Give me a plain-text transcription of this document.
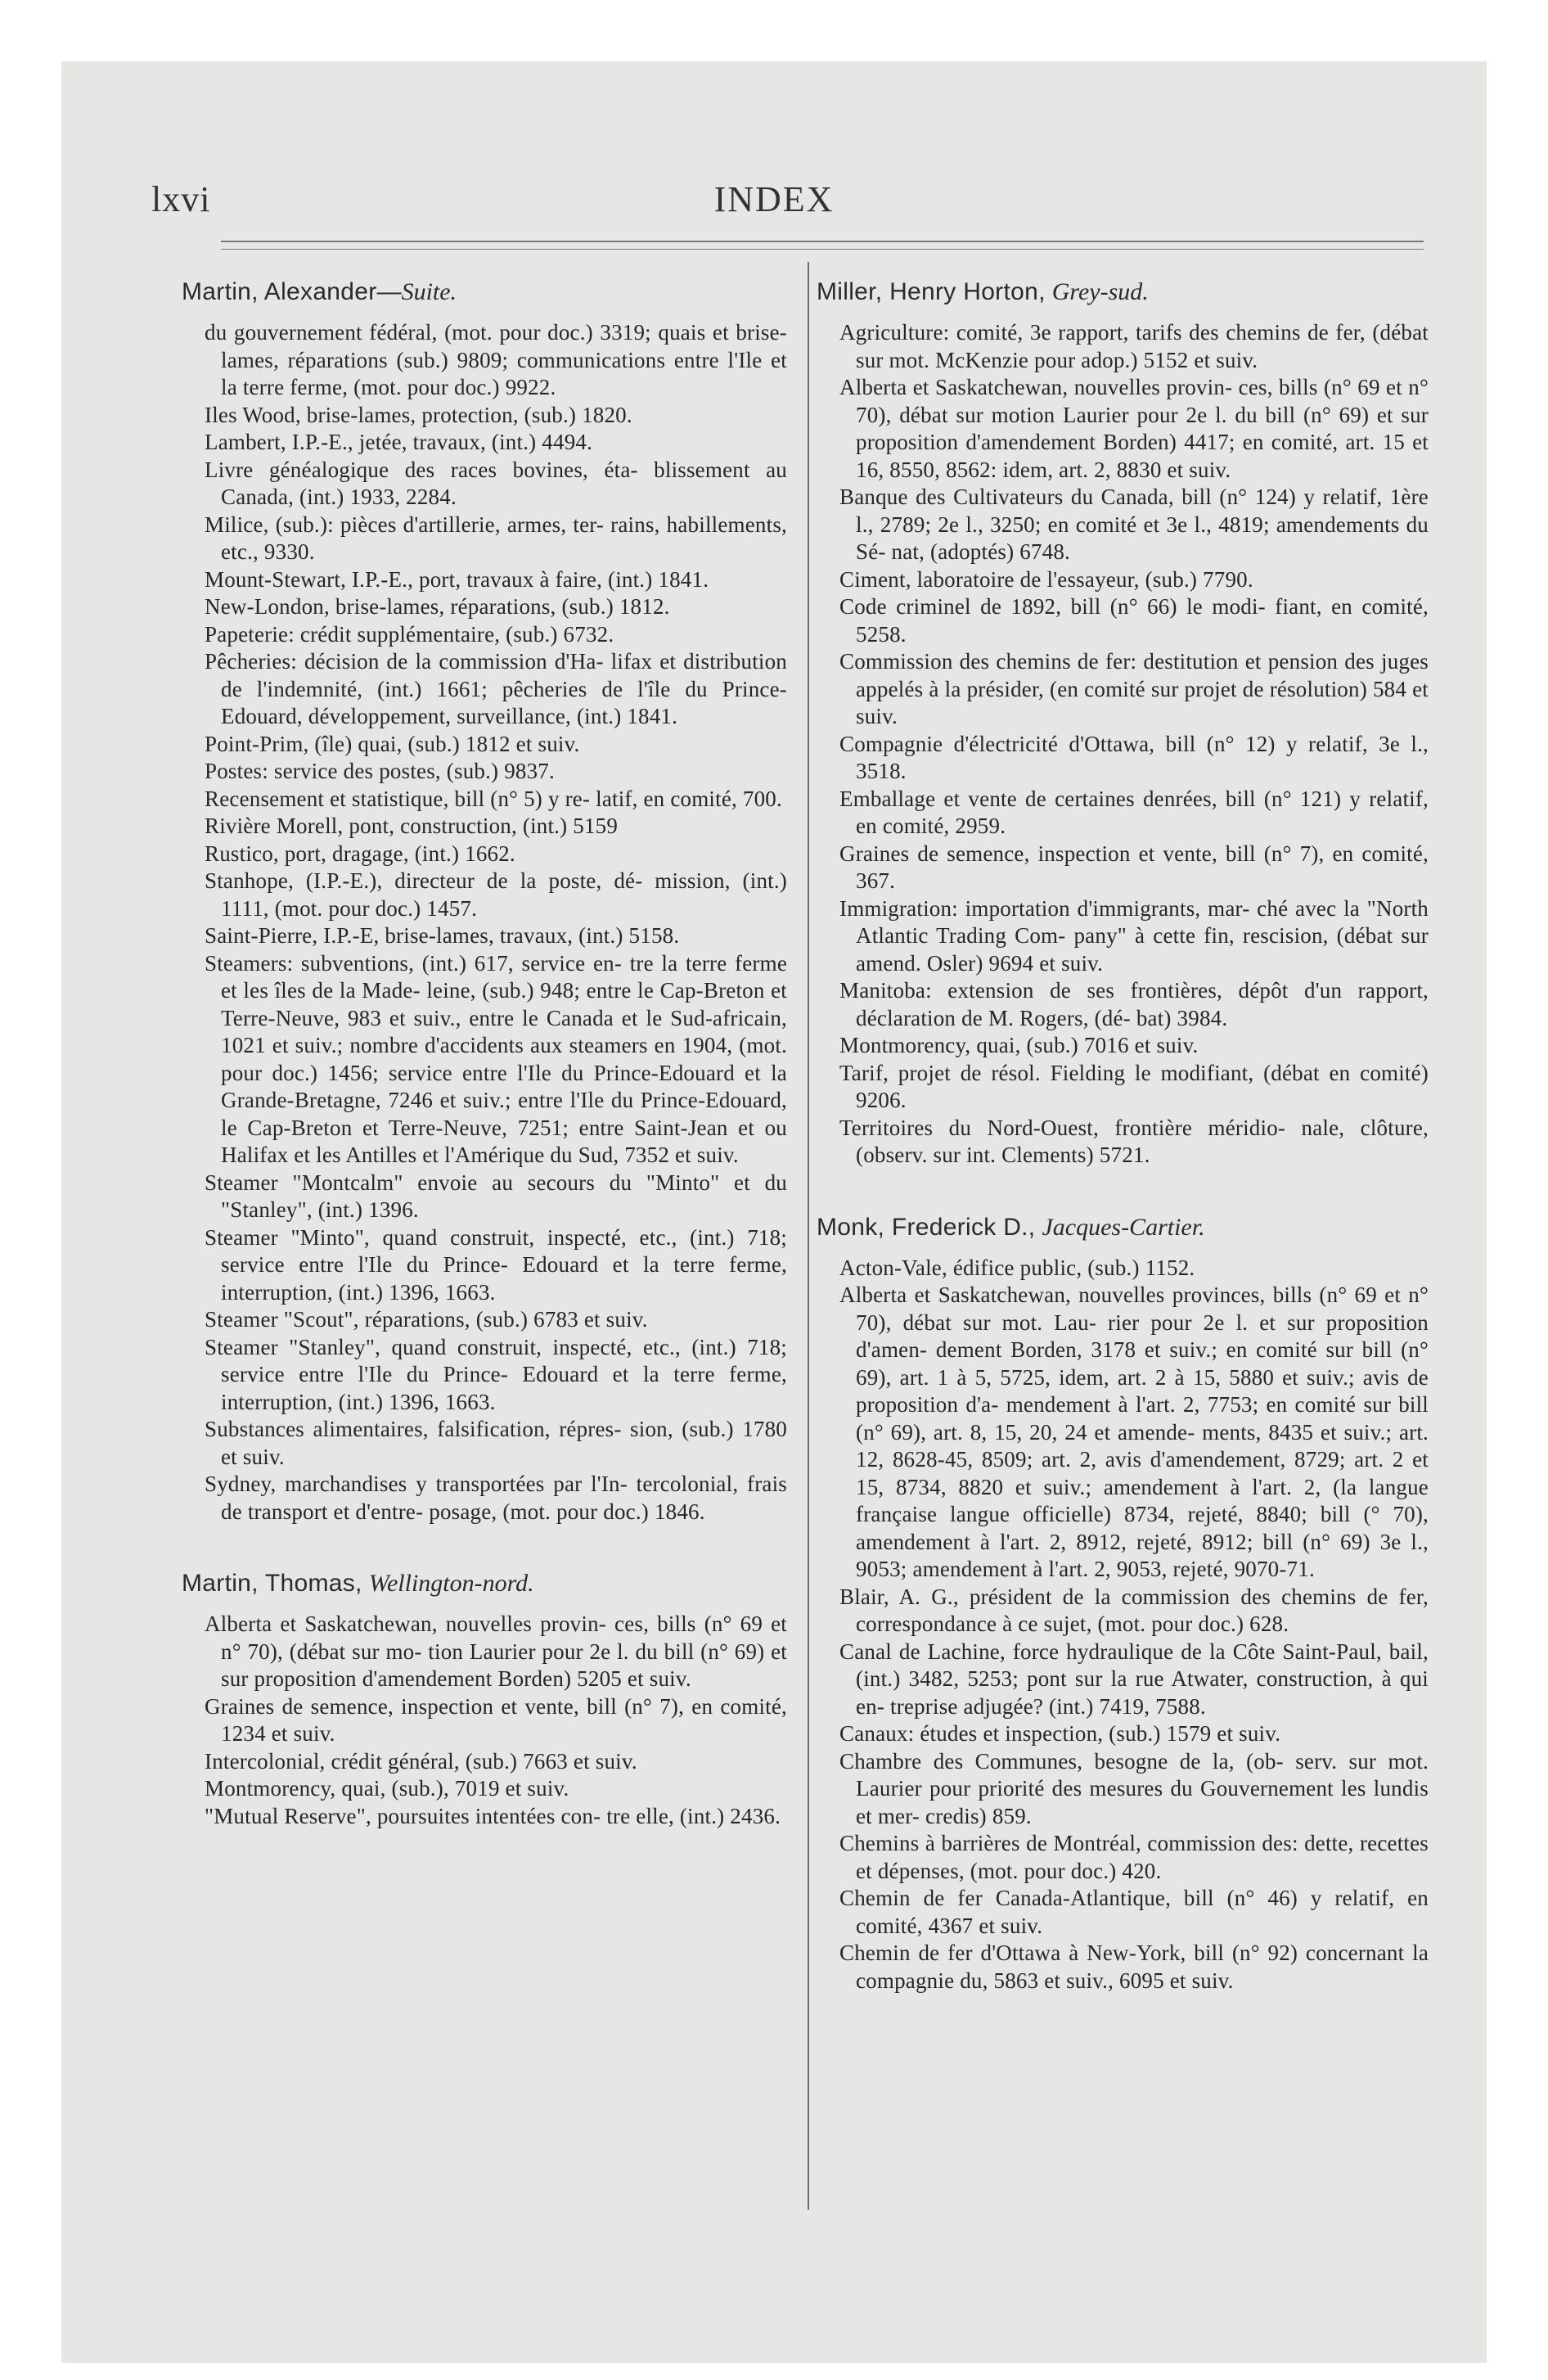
lxvi	INDEX
Martin, Alexander—Suite.
du gouvernement fédéral, (mot. pour doc.) 3319; quais et brise-lames, réparations (sub.) 9809; communications entre l'Ile et la terre ferme, (mot. pour doc.) 9922.
Iles Wood, brise-lames, protection, (sub.) 1820.
Lambert, I.P.-E., jetée, travaux, (int.) 4494.
Livre généalogique des races bovines, éta- blissement au Canada, (int.) 1933, 2284.
Milice, (sub.): pièces d'artillerie, armes, ter- rains, habillements, etc., 9330.
Mount-Stewart, I.P.-E., port, travaux à faire, (int.) 1841.
New-London, brise-lames, réparations, (sub.) 1812.
Papeterie: crédit supplémentaire, (sub.) 6732.
Pêcheries: décision de la commission d'Ha- lifax et distribution de l'indemnité, (int.) 1661; pêcheries de l'île du Prince-Edouard, développement, surveillance, (int.) 1841.
Point-Prim, (île) quai, (sub.) 1812 et suiv.
Postes: service des postes, (sub.) 9837.
Recensement et statistique, bill (n° 5) y re- latif, en comité, 700.
Rivière Morell, pont, construction, (int.) 5159
Rustico, port, dragage, (int.) 1662.
Stanhope, (I.P.-E.), directeur de la poste, dé- mission, (int.) 1111, (mot. pour doc.) 1457.
Saint-Pierre, I.P.-E, brise-lames, travaux, (int.) 5158.
Steamers: subventions, (int.) 617, service en- tre la terre ferme et les îles de la Made- leine, (sub.) 948; entre le Cap-Breton et Terre-Neuve, 983 et suiv., entre le Canada et le Sud-africain, 1021 et suiv.; nombre d'accidents aux steamers en 1904, (mot. pour doc.) 1456; service entre l'Ile du Prince-Edouard et la Grande-Bretagne, 7246 et suiv.; entre l'Ile du Prince-Edouard, le Cap-Breton et Terre-Neuve, 7251; entre Saint-Jean et ou Halifax et les Antilles et l'Amérique du Sud, 7352 et suiv.
Steamer "Montcalm" envoie au secours du "Minto" et du "Stanley", (int.) 1396.
Steamer "Minto", quand construit, inspecté, etc., (int.) 718; service entre l'Ile du Prince- Edouard et la terre ferme, interruption, (int.) 1396, 1663.
Steamer "Scout", réparations, (sub.) 6783 et suiv.
Steamer "Stanley", quand construit, inspecté, etc., (int.) 718; service entre l'Ile du Prince- Edouard et la terre ferme, interruption, (int.) 1396, 1663.
Substances alimentaires, falsification, répres- sion, (sub.) 1780 et suiv.
Sydney, marchandises y transportées par l'In- tercolonial, frais de transport et d'entre- posage, (mot. pour doc.) 1846.
Martin, Thomas, Wellington-nord.
Alberta et Saskatchewan, nouvelles provin- ces, bills (n° 69 et n° 70), (débat sur mo- tion Laurier pour 2e l. du bill (n° 69) et sur proposition d'amendement Borden) 5205 et suiv.
Graines de semence, inspection et vente, bill (n° 7), en comité, 1234 et suiv.
Intercolonial, crédit général, (sub.) 7663 et suiv.
Montmorency, quai, (sub.), 7019 et suiv.
"Mutual Reserve", poursuites intentées con- tre elle, (int.) 2436.
Miller, Henry Horton, Grey-sud.
Agriculture: comité, 3e rapport, tarifs des chemins de fer, (débat sur mot. McKenzie pour adop.) 5152 et suiv.
Alberta et Saskatchewan, nouvelles provin- ces, bills (n° 69 et n° 70), débat sur motion Laurier pour 2e l. du bill (n° 69) et sur proposition d'amendement Borden) 4417; en comité, art. 15 et 16, 8550, 8562: idem, art. 2, 8830 et suiv.
Banque des Cultivateurs du Canada, bill (n° 124) y relatif, 1ère l., 2789; 2e l., 3250; en comité et 3e l., 4819; amendements du Sé- nat, (adoptés) 6748.
Ciment, laboratoire de l'essayeur, (sub.) 7790.
Code criminel de 1892, bill (n° 66) le modi- fiant, en comité, 5258.
Commission des chemins de fer: destitution et pension des juges appelés à la présider, (en comité sur projet de résolution) 584 et suiv.
Compagnie d'électricité d'Ottawa, bill (n° 12) y relatif, 3e l., 3518.
Emballage et vente de certaines denrées, bill (n° 121) y relatif, en comité, 2959.
Graines de semence, inspection et vente, bill (n° 7), en comité, 367.
Immigration: importation d'immigrants, mar- ché avec la "North Atlantic Trading Com- pany" à cette fin, rescision, (débat sur amend. Osler) 9694 et suiv.
Manitoba: extension de ses frontières, dépôt d'un rapport, déclaration de M. Rogers, (dé- bat) 3984.
Montmorency, quai, (sub.) 7016 et suiv.
Tarif, projet de résol. Fielding le modifiant, (débat en comité) 9206.
Territoires du Nord-Ouest, frontière méridio- nale, clôture, (observ. sur int. Clements) 5721.
Monk, Frederick D., Jacques-Cartier.
Acton-Vale, édifice public, (sub.) 1152.
Alberta et Saskatchewan, nouvelles provinces, bills (n° 69 et n° 70), débat sur mot. Lau- rier pour 2e l. et sur proposition d'amen- dement Borden, 3178 et suiv.; en comité sur bill (n° 69), art. 1 à 5, 5725, idem, art. 2 à 15, 5880 et suiv.; avis de proposition d'a- mendement à l'art. 2, 7753; en comité sur bill (n° 69), art. 8, 15, 20, 24 et amende- ments, 8435 et suiv.; art. 12, 8628-45, 8509; art. 2, avis d'amendement, 8729; art. 2 et 15, 8734, 8820 et suiv.; amendement à l'art. 2, (la langue française langue officielle) 8734, rejeté, 8840; bill (° 70), amendement à l'art. 2, 8912, rejeté, 8912; bill (n° 69) 3e l., 9053; amendement à l'art. 2, 9053, rejeté, 9070-71.
Blair, A. G., président de la commission des chemins de fer, correspondance à ce sujet, (mot. pour doc.) 628.
Canal de Lachine, force hydraulique de la Côte Saint-Paul, bail, (int.) 3482, 5253; pont sur la rue Atwater, construction, à qui en- treprise adjugée? (int.) 7419, 7588.
Canaux: études et inspection, (sub.) 1579 et suiv.
Chambre des Communes, besogne de la, (ob- serv. sur mot. Laurier pour priorité des mesures du Gouvernement les lundis et mer- credis) 859.
Chemins à barrières de Montréal, commission des: dette, recettes et dépenses, (mot. pour doc.) 420.
Chemin de fer Canada-Atlantique, bill (n° 46) y relatif, en comité, 4367 et suiv.
Chemin de fer d'Ottawa à New-York, bill (n° 92) concernant la compagnie du, 5863 et suiv., 6095 et suiv.
